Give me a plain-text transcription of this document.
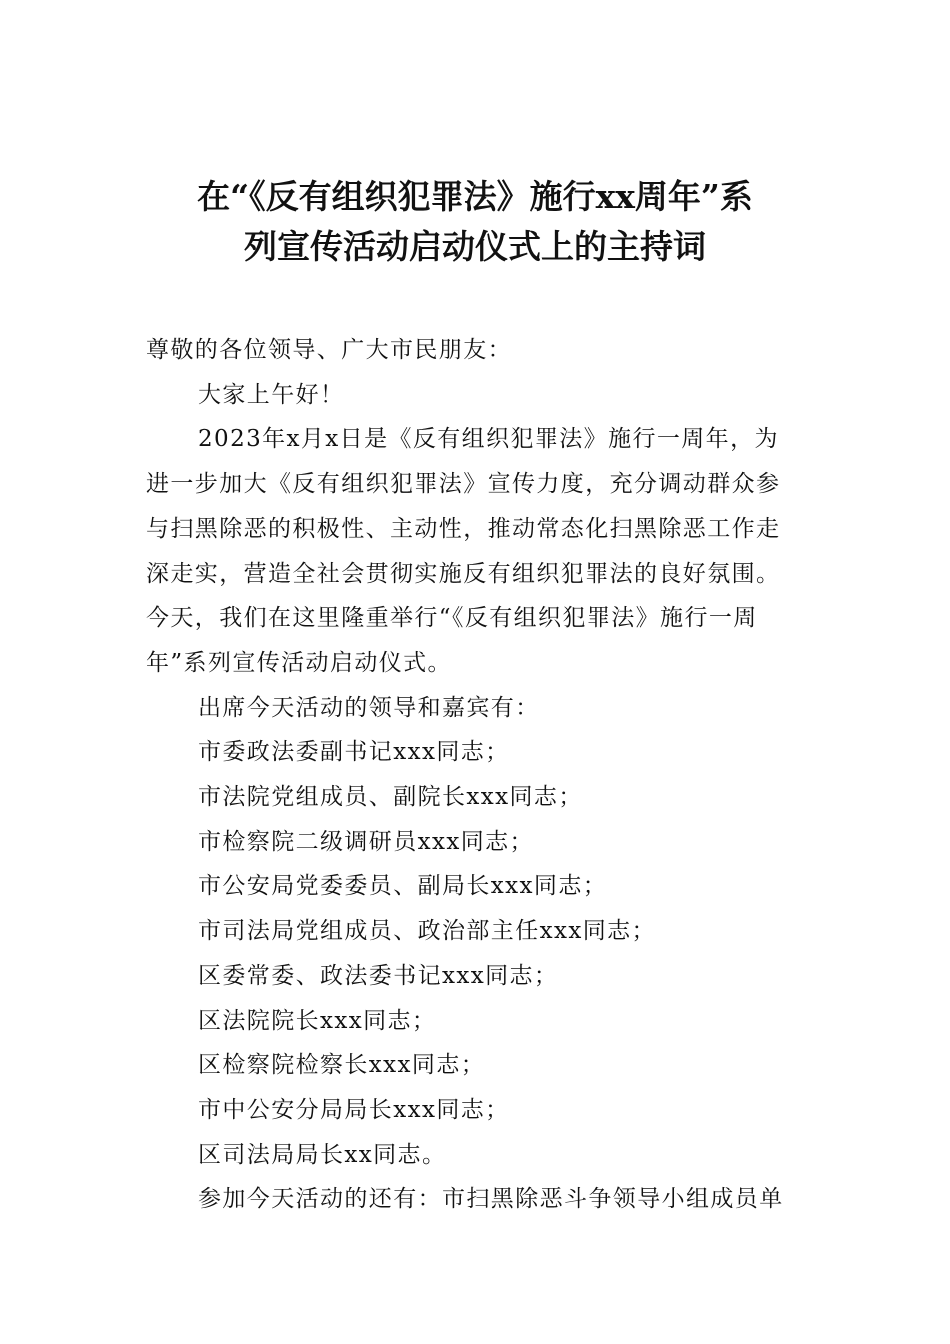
在“《反有组织犯罪法》施行xx周年”系
列宣传活动启动仪式上的主持词

尊敬的各位领导、广大市民朋友：

大家上午好！

2023年x月x日是《反有组织犯罪法》施行一周年，为

进一步加大《反有组织犯罪法》宣传力度，充分调动群众参

与扫黑除恶的积极性、主动性，推动常态化扫黑除恶工作走

深走实，营造全社会贯彻实施反有组织犯罪法的良好氛围。

今天，我们在这里隆重举行“《反有组织犯罪法》施行一周

年”系列宣传活动启动仪式。

出席今天活动的领导和嘉宾有：

市委政法委副书记xxx同志；

市法院党组成员、副院长xxx同志；

市检察院二级调研员xxx同志；

市公安局党委委员、副局长xxx同志；

市司法局党组成员、政治部主任xxx同志；

区委常委、政法委书记xxx同志；

区法院院长xxx同志；

区检察院检察长xxx同志；

市中公安分局局长xxx同志；

区司法局局长xx同志。

参加今天活动的还有：市扫黑除恶斗争领导小组成员单
